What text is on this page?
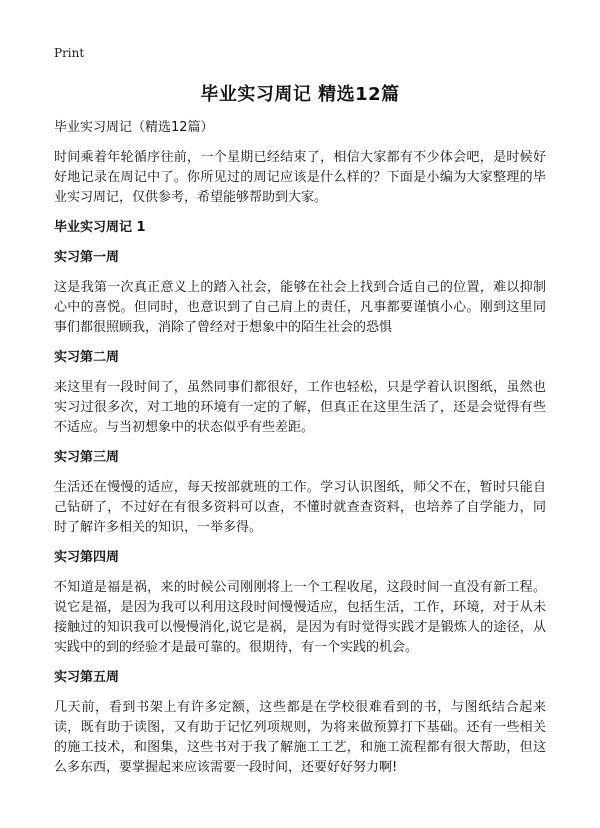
Print
毕业实习周记 精选12篇

毕业实习周记（精选12篇）

时间乘着年轮循序往前，一个星期已经结束了，相信大家都有不少体会吧，是时候好好地记录在周记中了。你所见过的周记应该是什么样的？下面是小编为大家整理的毕业实习周记，仅供参考，希望能够帮助到大家。

毕业实习周记 1

实习第一周

这是我第一次真正意义上的踏入社会，能够在社会上找到合适自己的位置，难以抑制心中的喜悦。但同时，也意识到了自己肩上的责任，凡事都要谨慎小心。刚到这里同事们都很照顾我，消除了曾经对于想象中的陌生社会的恐惧

实习第二周

来这里有一段时间了，虽然同事们都很好，工作也轻松，只是学着认识图纸，虽然也实习过很多次，对工地的环境有一定的了解，但真正在这里生活了，还是会觉得有些不适应。与当初想象中的状态似乎有些差距。

实习第三周

生活还在慢慢的适应，每天按部就班的工作。学习认识图纸，师父不在，暂时只能自己钻研了，不过好在有很多资料可以查，不懂时就查查资料，也培养了自学能力，同时了解许多相关的知识，一举多得。

实习第四周

不知道是福是祸，来的时候公司刚刚将上一个工程收尾，这段时间一直没有新工程。说它是福，是因为我可以利用这段时间慢慢适应，包括生活，工作，环境，对于从未接触过的知识我可以慢慢消化,说它是祸，是因为有时觉得实践才是锻炼人的途径，从实践中的到的经验才是最可靠的。很期待，有一个实践的机会。

实习第五周

几天前，看到书架上有许多定额，这些都是在学校很难看到的书，与图纸结合起来读，既有助于读图，又有助于记忆列项规则，为将来做预算打下基础。还有一些相关的施工技术，和图集，这些书对于我了解施工工艺，和施工流程都有很大帮助，但这么多东西，要掌握起来应该需要一段时间，还要好好努力啊!
